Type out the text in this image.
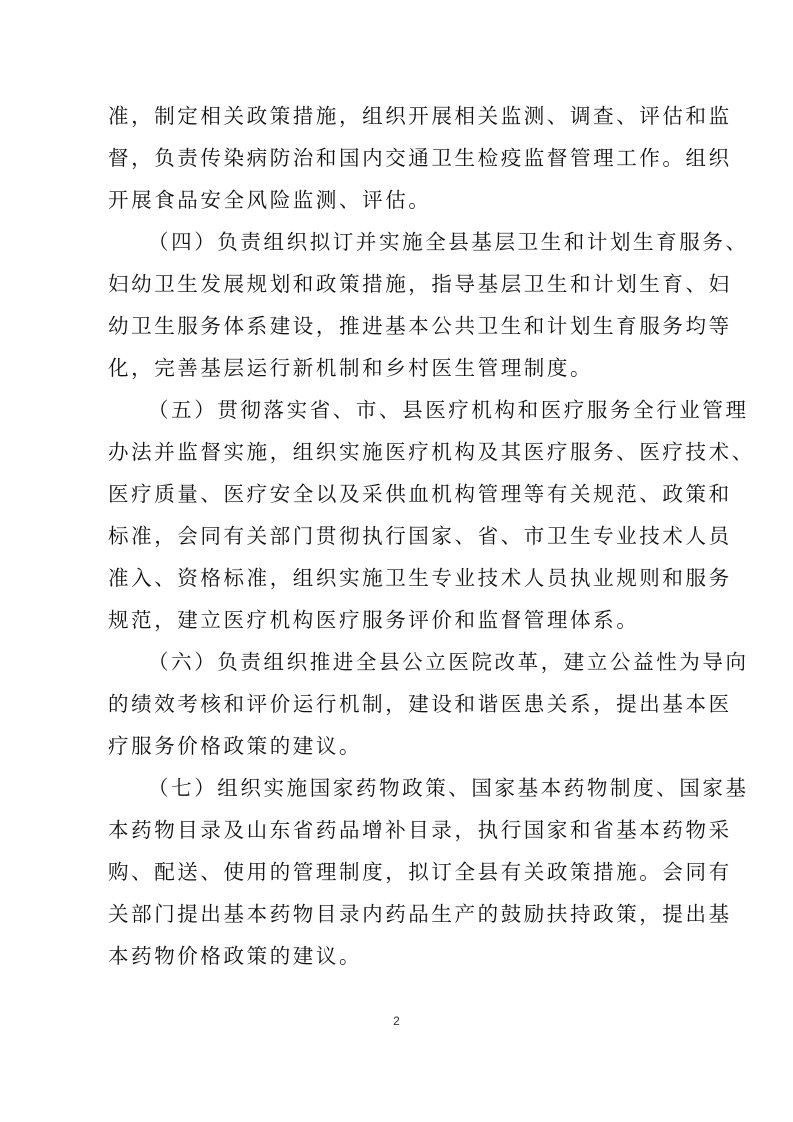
准，制定相关政策措施，组织开展相关监测、调查、评估和监
督，负责传染病防治和国内交通卫生检疫监督管理工作。组织
开展食品安全风险监测、评估。
（四）负责组织拟订并实施全县基层卫生和计划生育服务、
妇幼卫生发展规划和政策措施，指导基层卫生和计划生育、妇
幼卫生服务体系建设，推进基本公共卫生和计划生育服务均等
化，完善基层运行新机制和乡村医生管理制度。
（五）贯彻落实省、市、县医疗机构和医疗服务全行业管理
办法并监督实施，组织实施医疗机构及其医疗服务、医疗技术、
医疗质量、医疗安全以及采供血机构管理等有关规范、政策和
标准，会同有关部门贯彻执行国家、省、市卫生专业技术人员
准入、资格标准，组织实施卫生专业技术人员执业规则和服务
规范，建立医疗机构医疗服务评价和监督管理体系。
（六）负责组织推进全县公立医院改革，建立公益性为导向
的绩效考核和评价运行机制，建设和谐医患关系，提出基本医
疗服务价格政策的建议。
（七）组织实施国家药物政策、国家基本药物制度、国家基
本药物目录及山东省药品增补目录，执行国家和省基本药物采
购、配送、使用的管理制度，拟订全县有关政策措施。会同有
关部门提出基本药物目录内药品生产的鼓励扶持政策，提出基
本药物价格政策的建议。
2
